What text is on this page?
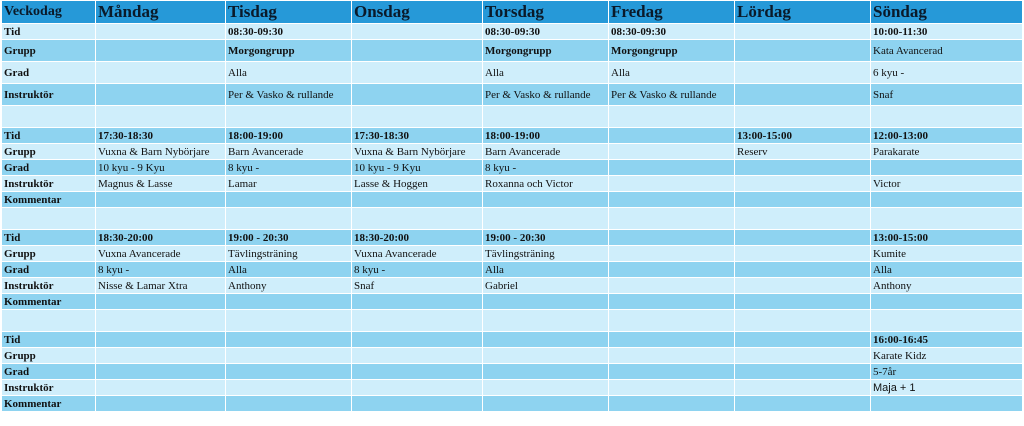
Veckodag	Måndag	Tisdag	Onsdag	Torsdag	Fredag	Lördag	Söndag
Tid		08:30-09:30		08:30-09:30	08:30-09:30		10:00-11:30
Grupp		Morgongrupp		Morgongrupp	Morgongrupp		Kata Avancerad
Grad		Alla		Alla	Alla		6 kyu -
Instruktör		Per & Vasko & rullande		Per & Vasko & rullande	Per & Vasko & rullande		Snaf

Tid	17:30-18:30	18:00-19:00	17:30-18:30	18:00-19:00		13:00-15:00	12:00-13:00
Grupp	Vuxna & Barn Nybörjare	Barn Avancerade	Vuxna & Barn Nybörjare	Barn Avancerade		Reserv	Parakarate
Grad	10 kyu - 9 Kyu	8 kyu -	10 kyu - 9 Kyu	8 kyu -			
Instruktör	Magnus & Lasse	Lamar	Lasse & Hoggen	Roxanna och Victor			Victor
Kommentar							

Tid	18:30-20:00	19:00 - 20:30	18:30-20:00	19:00 - 20:30			13:00-15:00
Grupp	Vuxna Avancerade	Tävlingsträning	Vuxna Avancerade	Tävlingsträning			Kumite
Grad	8 kyu -	Alla	8 kyu -	Alla			Alla
Instruktör	Nisse & Lamar Xtra	Anthony	Snaf	Gabriel			Anthony
Kommentar							

Tid							16:00-16:45
Grupp							Karate Kidz
Grad							5-7år
Instruktör							Maja + 1
Kommentar							
